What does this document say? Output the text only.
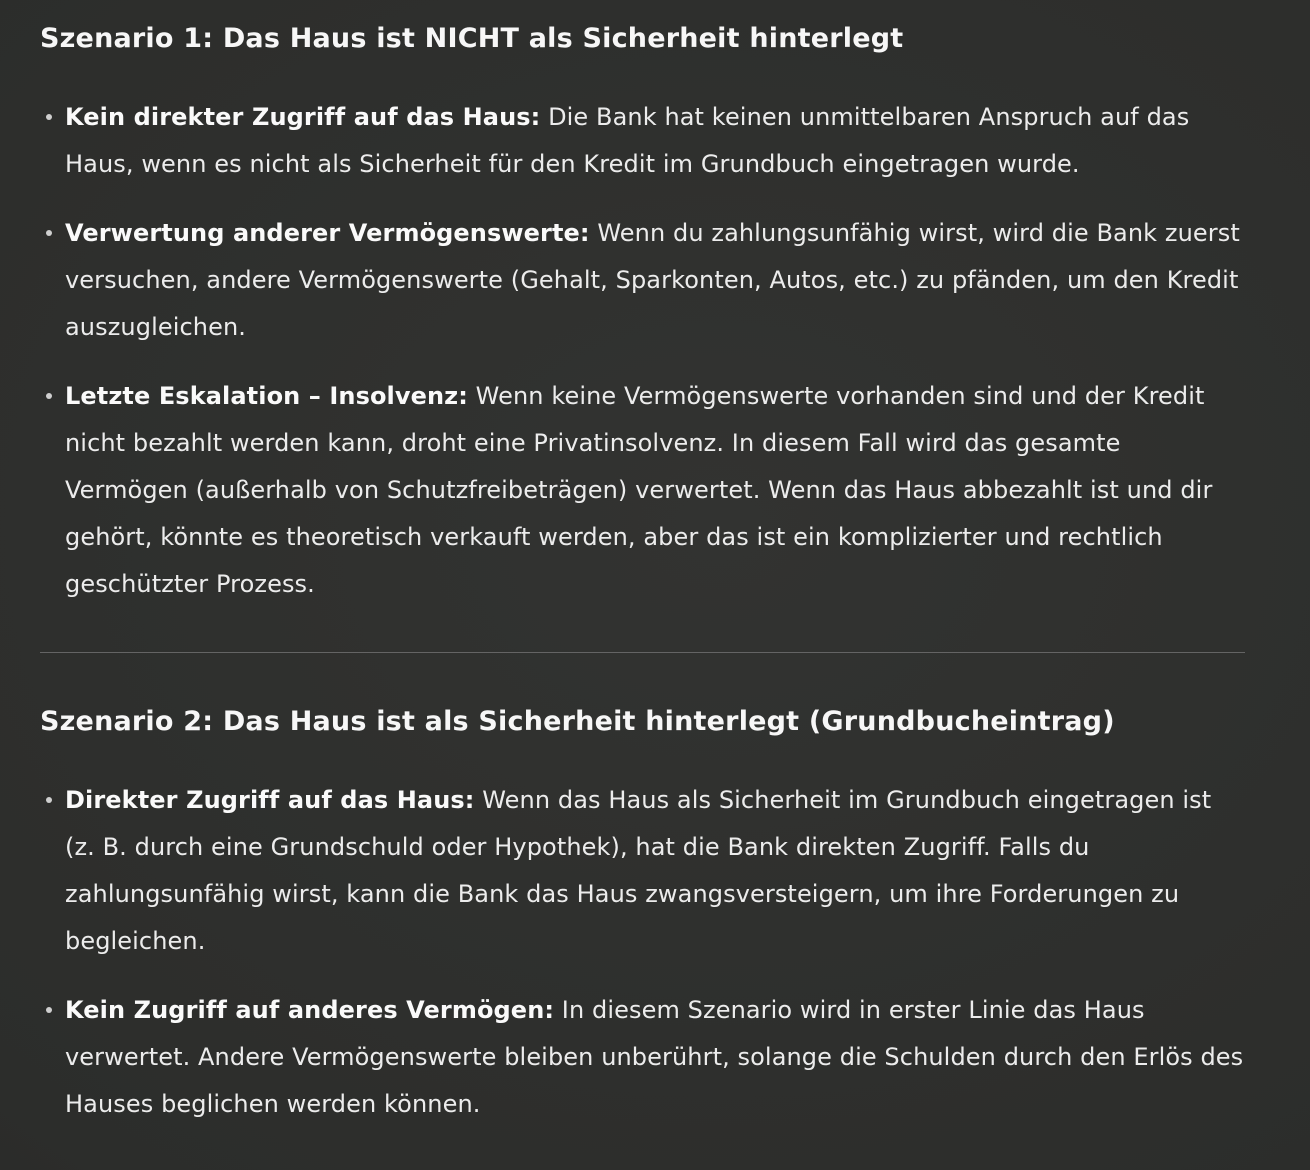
Szenario 1: Das Haus ist NICHT als Sicherheit hinterlegt
Kein direkter Zugriff auf das Haus: Die Bank hat keinen unmittelbaren Anspruch auf das Haus, wenn es nicht als Sicherheit für den Kredit im Grundbuch eingetragen wurde.
Verwertung anderer Vermögenswerte: Wenn du zahlungsunfähig wirst, wird die Bank zuerst versuchen, andere Vermögenswerte (Gehalt, Sparkonten, Autos, etc.) zu pfänden, um den Kredit auszugleichen.
Letzte Eskalation – Insolvenz: Wenn keine Vermögenswerte vorhanden sind und der Kredit nicht bezahlt werden kann, droht eine Privatinsolvenz. In diesem Fall wird das gesamte Vermögen (außerhalb von Schutzfreibeträgen) verwertet. Wenn das Haus abbezahlt ist und dir gehört, könnte es theoretisch verkauft werden, aber das ist ein komplizierter und rechtlich geschützter Prozess.
Szenario 2: Das Haus ist als Sicherheit hinterlegt (Grundbucheintrag)
Direkter Zugriff auf das Haus: Wenn das Haus als Sicherheit im Grundbuch eingetragen ist (z. B. durch eine Grundschuld oder Hypothek), hat die Bank direkten Zugriff. Falls du zahlungsunfähig wirst, kann die Bank das Haus zwangsversteigern, um ihre Forderungen zu begleichen.
Kein Zugriff auf anderes Vermögen: In diesem Szenario wird in erster Linie das Haus verwertet. Andere Vermögenswerte bleiben unberührt, solange die Schulden durch den Erlös des Hauses beglichen werden können.
